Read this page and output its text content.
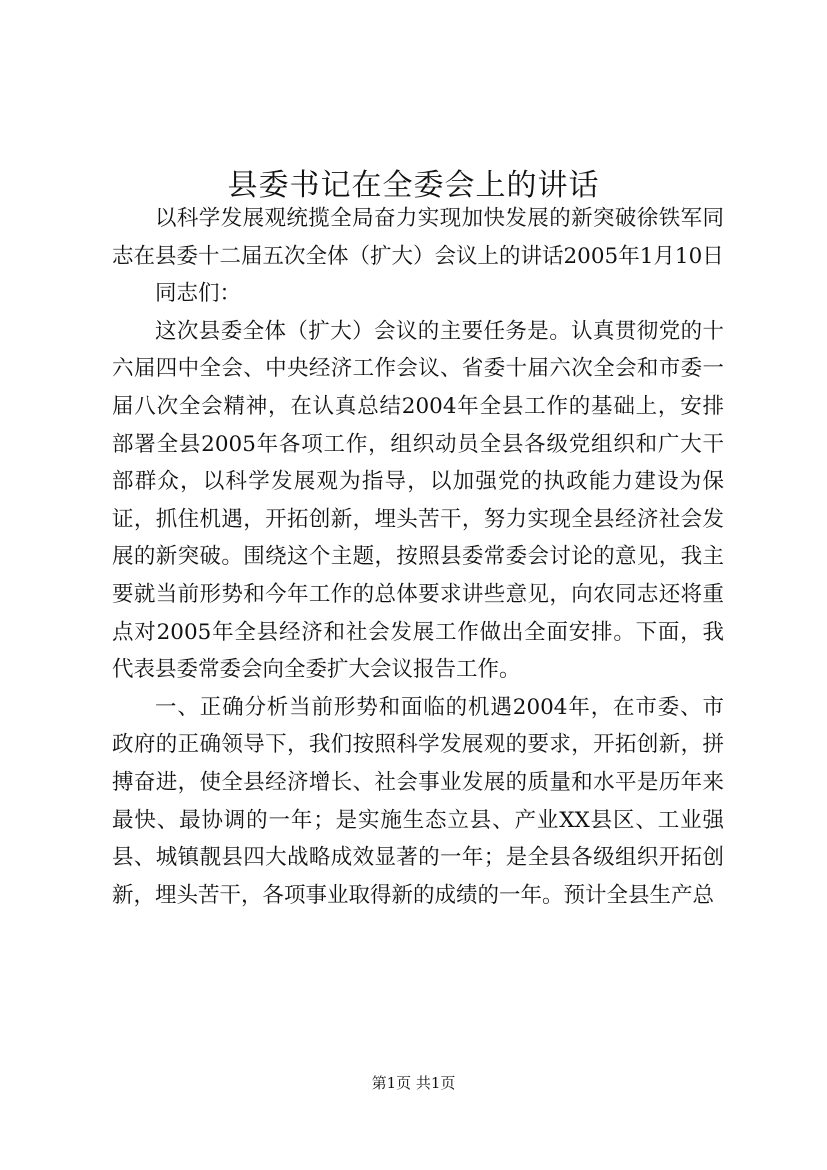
县委书记在全委会上的讲话

以科学发展观统揽全局奋力实现加快发展的新突破徐铁军同志在县委十二届五次全体（扩大）会议上的讲话2005年1月10日

同志们：

这次县委全体（扩大）会议的主要任务是。认真贯彻党的十六届四中全会、中央经济工作会议、省委十届六次全会和市委一届八次全会精神，在认真总结2004年全县工作的基础上，安排部署全县2005年各项工作，组织动员全县各级党组织和广大干部群众，以科学发展观为指导，以加强党的执政能力建设为保证，抓住机遇，开拓创新，埋头苦干，努力实现全县经济社会发展的新突破。围绕这个主题，按照县委常委会讨论的意见，我主要就当前形势和今年工作的总体要求讲些意见，向农同志还将重点对2005年全县经济和社会发展工作做出全面安排。下面，我代表县委常委会向全委扩大会议报告工作。

一、正确分析当前形势和面临的机遇2004年，在市委、市政府的正确领导下，我们按照科学发展观的要求，开拓创新，拼搏奋进，使全县经济增长、社会事业发展的质量和水平是历年来最快、最协调的一年；是实施生态立县、产业XX县区、工业强县、城镇靓县四大战略成效显著的一年；是全县各级组织开拓创新，埋头苦干，各项事业取得新的成绩的一年。预计全县生产总

第1页 共1页
